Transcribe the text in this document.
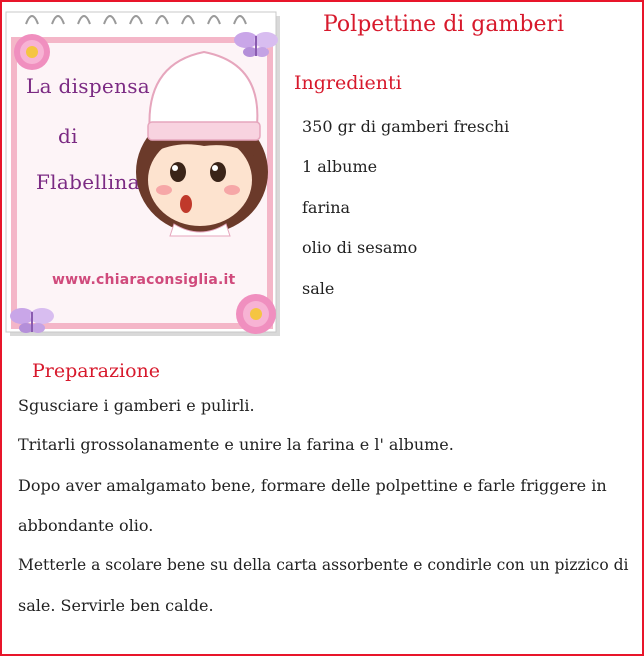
La dispensa
di
Flabellina
www.chiaraconsiglia.it
Polpettine di gamberi
Ingredienti
350 gr di gamberi freschi
1 albume
farina
olio di sesamo
sale
Preparazione
Sgusciare i gamberi e pulirli.
Tritarli grossolanamente e unire la farina e l' albume.
Dopo aver amalgamato bene, formare delle polpettine e farle friggere in
abbondante olio.
Metterle a scolare bene su della carta assorbente e condirle con un pizzico di
sale. Servirle ben calde.
